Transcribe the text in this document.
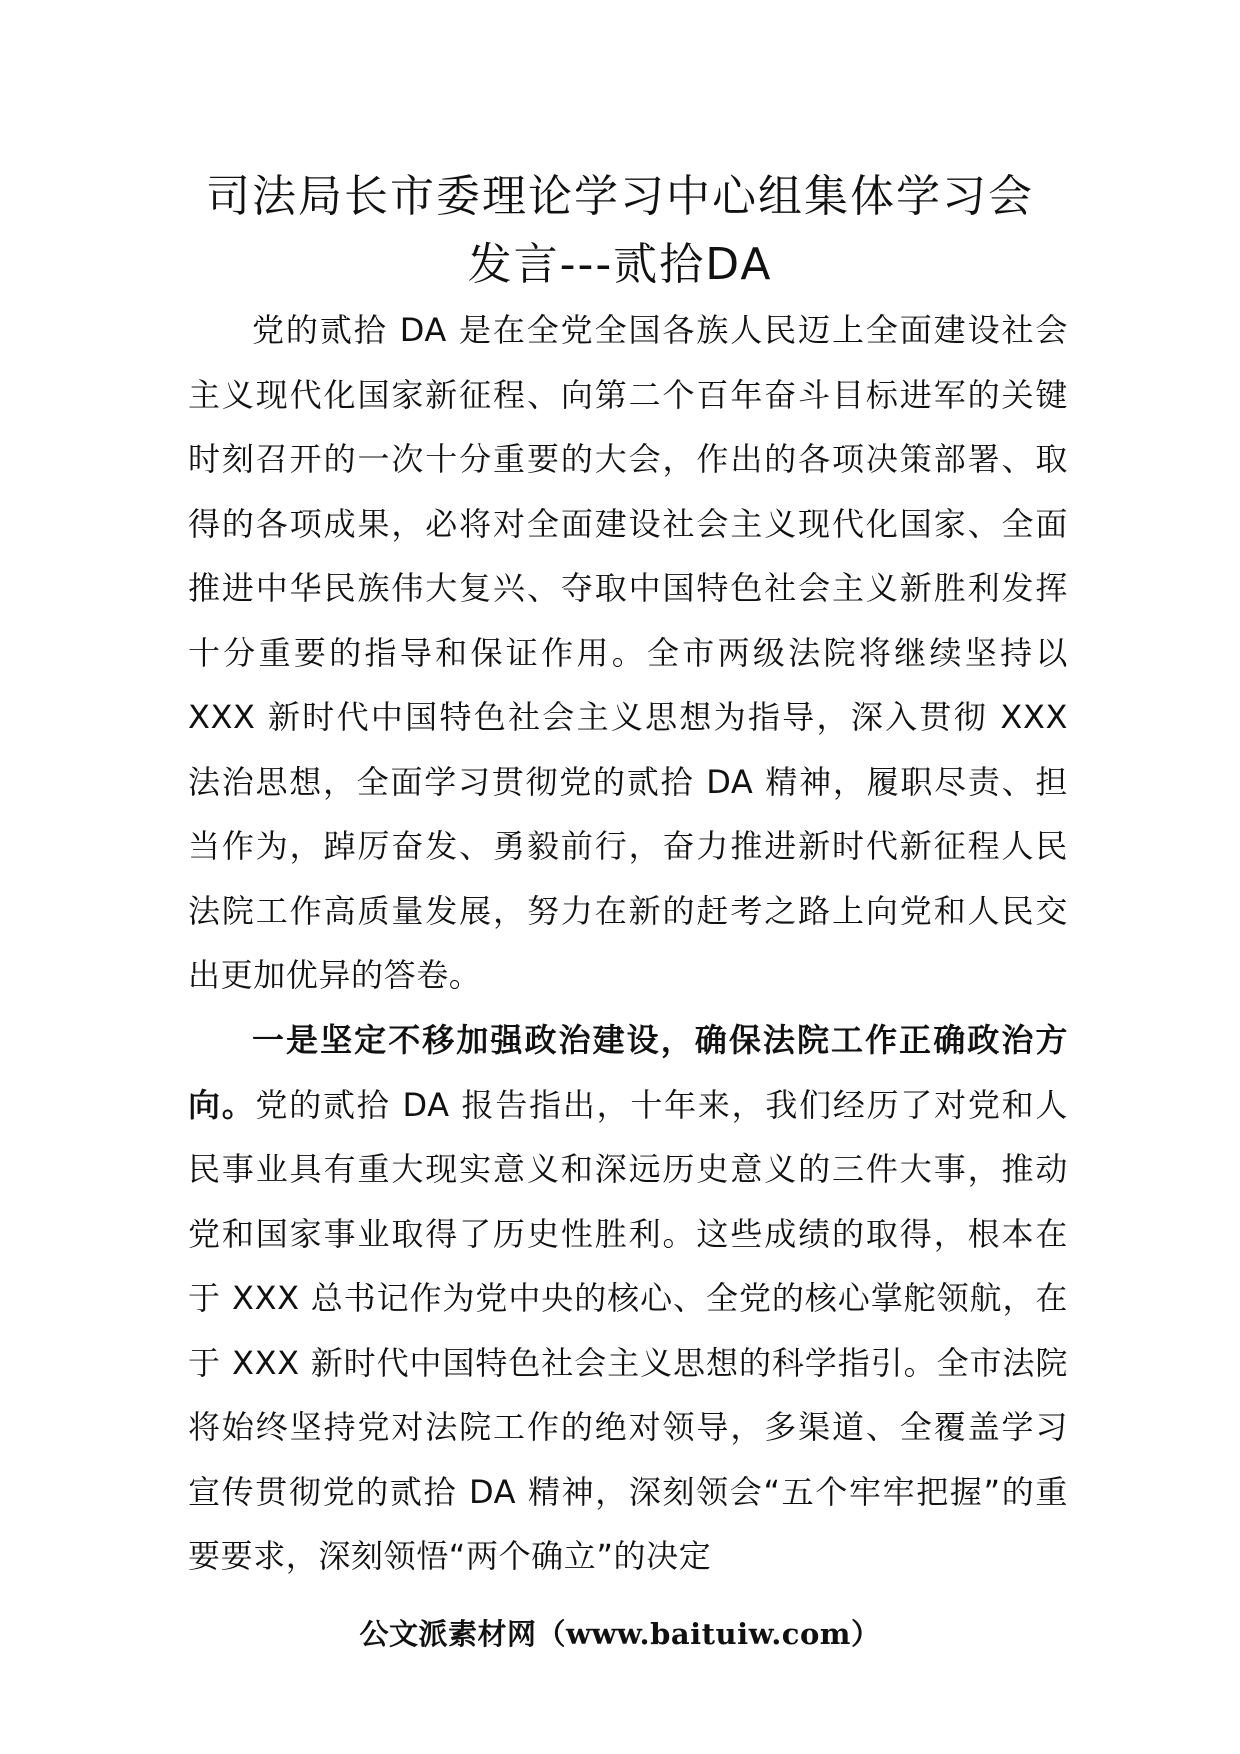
司法局长市委理论学习中心组集体学习会
发言---贰拾DA
党的贰拾 DA 是在全党全国各族人民迈上全面建设社会主义现代化国家新征程、向第二个百年奋斗目标进军的关键时刻召开的一次十分重要的大会，作出的各项决策部署、取得的各项成果，必将对全面建设社会主义现代化国家、全面推进中华民族伟大复兴、夺取中国特色社会主义新胜利发挥十分重要的指导和保证作用。全市两级法院将继续坚持以 XXX 新时代中国特色社会主义思想为指导，深入贯彻 XXX 法治思想，全面学习贯彻党的贰拾 DA 精神，履职尽责、担当作为，踔厉奋发、勇毅前行，奋力推进新时代新征程人民法院工作高质量发展，努力在新的赶考之路上向党和人民交出更加优异的答卷。
一是坚定不移加强政治建设，确保法院工作正确政治方向。党的贰拾 DA 报告指出，十年来，我们经历了对党和人民事业具有重大现实意义和深远历史意义的三件大事，推动党和国家事业取得了历史性胜利。这些成绩的取得，根本在于 XXX 总书记作为党中央的核心、全党的核心掌舵领航，在于 XXX 新时代中国特色社会主义思想的科学指引。全市法院将始终坚持党对法院工作的绝对领导，多渠道、全覆盖学习宣传贯彻党的贰拾 DA 精神，深刻领会“五个牢牢把握”的重要要求，深刻领悟“两个确立”的决定
公文派素材网（www.baituiw.com）
